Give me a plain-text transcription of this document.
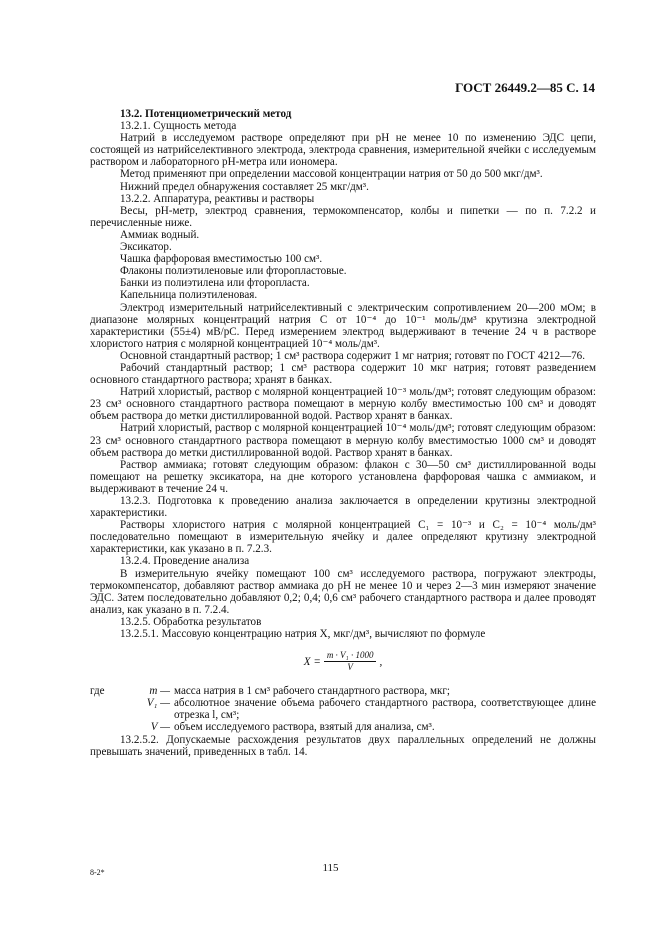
ГОСТ 26449.2—85 С. 14

13.2. Потенциометрический метод

13.2.1. Сущность метода

Натрий в исследуемом растворе определяют при рН не менее 10 по изменению ЭДС цепи, состоящей из натрийселективного электрода, электрода сравнения, измерительной ячейки с исследуемым раствором и лабораторного рН-метра или иономера.

Метод применяют при определении массовой концентрации натрия от 50 до 500 мкг/дм³.

Нижний предел обнаружения составляет 25 мкг/дм³.

13.2.2. Аппаратура, реактивы и растворы

Весы, рН-метр, электрод сравнения, термокомпенсатор, колбы и пипетки — по п. 7.2.2 и перечисленные ниже.

Аммиак водный.

Эксикатор.

Чашка фарфоровая вместимостью 100 см³.

Флаконы полиэтиленовые или фторопластовые.

Банки из полиэтилена или фторопласта.

Капельница полиэтиленовая.

Электрод измерительный натрийселективный с электрическим сопротивлением 20—200 мОм; в диапазоне молярных концентраций натрия С от 10⁻⁴ до 10⁻¹ моль/дм³ крутизна электродной характеристики (55±4) мВ/рС. Перед измерением электрод выдерживают в течение 24 ч в растворе хлористого натрия с молярной концентрацией 10⁻⁴ моль/дм³.

Основной стандартный раствор; 1 см³ раствора содержит 1 мг натрия; готовят по ГОСТ 4212—76.

Рабочий стандартный раствор; 1 см³ раствора содержит 10 мкг натрия; готовят разведением основного стандартного раствора; хранят в банках.

Натрий хлористый, раствор с молярной концентрацией 10⁻³ моль/дм³; готовят следующим образом: 23 см³ основного стандартного раствора помещают в мерную колбу вместимостью 100 см³ и доводят объем раствора до метки дистиллированной водой. Раствор хранят в банках.

Натрий хлористый, раствор с молярной концентрацией 10⁻⁴ моль/дм³; готовят следующим образом: 23 см³ основного стандартного раствора помещают в мерную колбу вместимостью 1000 см³ и доводят объем раствора до метки дистиллированной водой. Раствор хранят в банках.

Раствор аммиака; готовят следующим образом: флакон с 30—50 см³ дистиллированной воды помещают на решетку эксикатора, на дне которого установлена фарфоровая чашка с аммиаком, и выдерживают в течение 24 ч.

13.2.3. Подготовка к проведению анализа заключается в определении крутизны электродной характеристики.

Растворы хлористого натрия с молярной концентрацией С₁ = 10⁻³ и С₂ = 10⁻⁴ моль/дм³ последовательно помещают в измерительную ячейку и далее определяют крутизну электродной характеристики, как указано в п. 7.2.3.

13.2.4. Проведение анализа

В измерительную ячейку помещают 100 см³ исследуемого раствора, погружают электроды, термокомпенсатор, добавляют раствор аммиака до рН не менее 10 и через 2—3 мин измеряют значение ЭДС. Затем последовательно добавляют 0,2; 0,4; 0,6 см³ рабочего стандартного раствора и далее проводят анализ, как указано в п. 7.2.4.

13.2.5. Обработка результатов

13.2.5.1. Массовую концентрацию натрия X, мкг/дм³, вычисляют по формуле

$X = \frac{\text{m · V₁ · 1000}}{V}$ ,
где	m — масса натрия в 1 см³ рабочего стандартного раствора, мкг;
V₁ — абсолютное значение объема рабочего стандартного раствора, соответствующее длине отрезка l, см³;
V — объем исследуемого раствора, взятый для анализа, см³.

13.2.5.2. Допускаемые расхождения результатов двух параллельных определений не должны превышать значений, приведенных в табл. 14.

8-2*	115
